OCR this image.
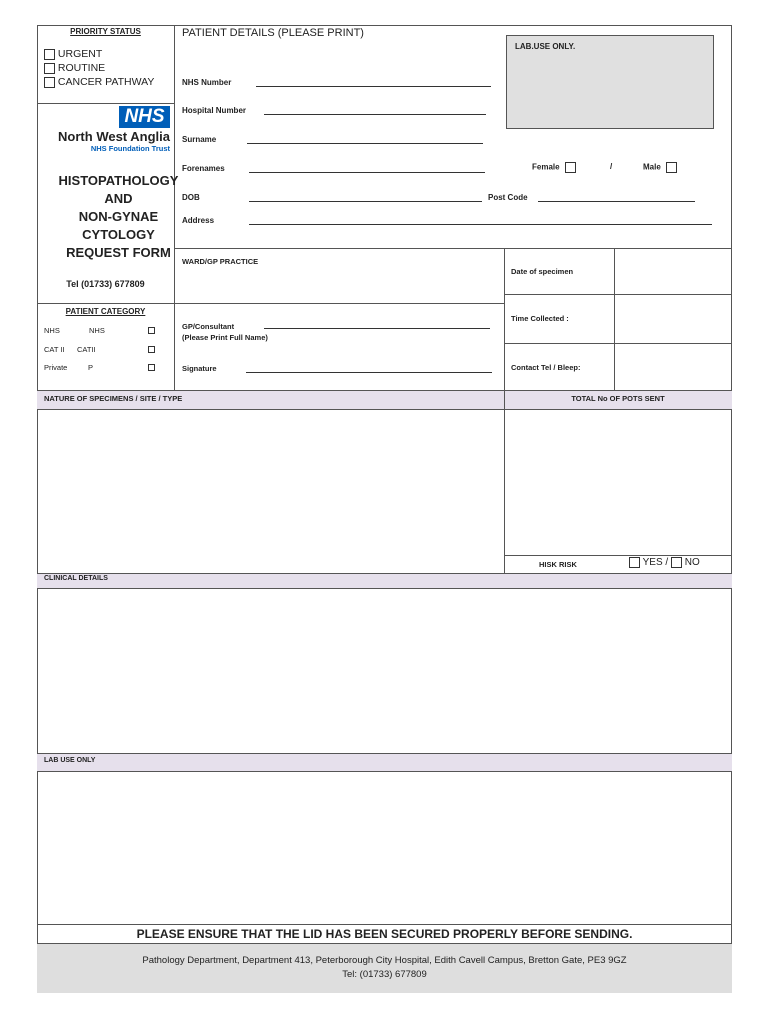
PRIORITY STATUS
URGENT
ROUTINE
CANCER PATHWAY
NHS
North West Anglia
NHS Foundation Trust
HISTOPATHOLOGY
AND
NON-GYNAE
CYTOLOGY
REQUEST FORM
Tel (01733) 677809
PATIENT CATEGORY
NHS	NHS
CAT II CATII
Private	P
PATIENT DETAILS (PLEASE PRINT)
LAB.USE ONLY.
NHS Number
Hospital Number
Surname
Forenames	Female	/	Male
DOB	Post Code
Address
WARD/GP PRACTICE
GP/Consultant
(Please Print Full Name)
Signature
Date of specimen
Time Collected :
Contact Tel / Bleep:
NATURE OF SPECIMENS / SITE / TYPE	TOTAL No OF POTS SENT
HISK RISK	YES / NO
CLINICAL DETAILS
LAB USE ONLY
PLEASE ENSURE THAT THE LID HAS BEEN SECURED PROPERLY BEFORE SENDING.
Pathology Department, Department 413, Peterborough City Hospital, Edith Cavell Campus, Bretton Gate, PE3 9GZ
Tel: (01733) 677809
